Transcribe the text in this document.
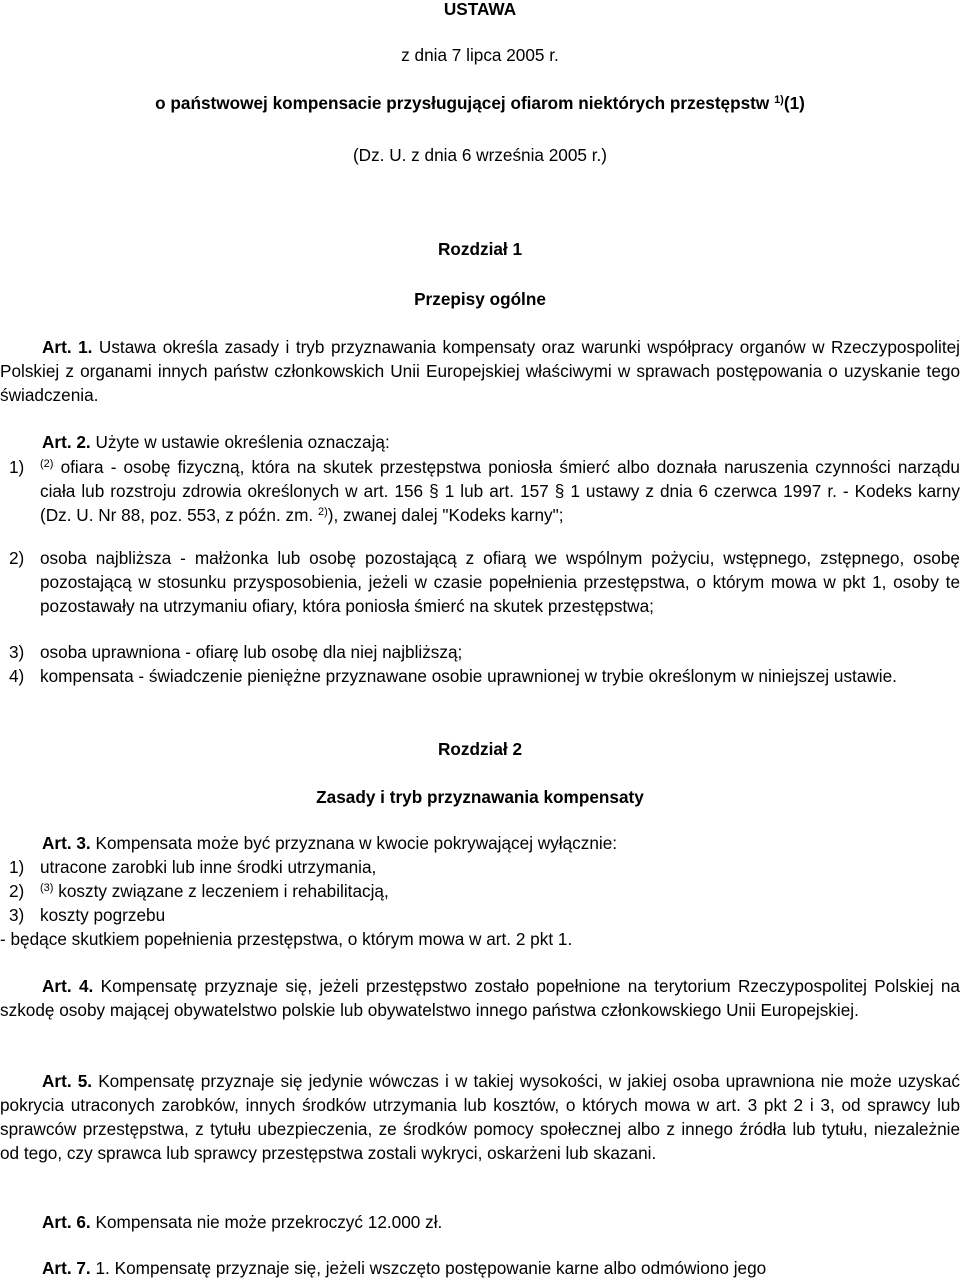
USTAWA
z dnia 7 lipca 2005 r.
o państwowej kompensacie przysługującej ofiarom niektórych przestępstw $^{1)}$(1)
(Dz. U. z dnia 6 września 2005 r.)
Rozdział 1
Przepisy ogólne
Art. 1. Ustawa określa zasady i tryb przyznawania kompensaty oraz warunki współpracy organów w Rzeczypospolitej Polskiej z organami innych państw członkowskich Unii Europejskiej właściwymi w sprawach postępowania o uzyskanie tego świadczenia.
Art. 2. Użyte w ustawie określenia oznaczają:
1) $^{(2)}$ ofiara - osobę fizyczną, która na skutek przestępstwa poniosła śmierć albo doznała naruszenia czynności narządu ciała lub rozstroju zdrowia określonych w art. 156 § 1 lub art. 157 § 1 ustawy z dnia 6 czerwca 1997 r. - Kodeks karny (Dz. U. Nr 88, poz. 553, z późn. zm. $^{2)}$), zwanej dalej "Kodeks karny";
2) osoba najbliższa - małżonka lub osobę pozostającą z ofiarą we wspólnym pożyciu, wstępnego, zstępnego, osobę pozostającą w stosunku przysposobienia, jeżeli w czasie popełnienia przestępstwa, o którym mowa w pkt 1, osoby te pozostawały na utrzymaniu ofiary, która poniosła śmierć na skutek przestępstwa;
3) osoba uprawniona - ofiarę lub osobę dla niej najbliższą;
4) kompensata - świadczenie pieniężne przyznawane osobie uprawnionej w trybie określonym w niniejszej ustawie.
Rozdział 2
Zasady i tryb przyznawania kompensaty
Art. 3. Kompensata może być przyznana w kwocie pokrywającej wyłącznie:
1) utracone zarobki lub inne środki utrzymania,
2) $^{(3)}$ koszty związane z leczeniem i rehabilitacją,
3) koszty pogrzebu
- będące skutkiem popełnienia przestępstwa, o którym mowa w art. 2 pkt 1.
Art. 4. Kompensatę przyznaje się, jeżeli przestępstwo zostało popełnione na terytorium Rzeczypospolitej Polskiej na szkodę osoby mającej obywatelstwo polskie lub obywatelstwo innego państwa członkowskiego Unii Europejskiej.
Art. 5. Kompensatę przyznaje się jedynie wówczas i w takiej wysokości, w jakiej osoba uprawniona nie może uzyskać pokrycia utraconych zarobków, innych środków utrzymania lub kosztów, o których mowa w art. 3 pkt 2 i 3, od sprawcy lub sprawców przestępstwa, z tytułu ubezpieczenia, ze środków pomocy społecznej albo z innego źródła lub tytułu, niezależnie od tego, czy sprawca lub sprawcy przestępstwa zostali wykryci, oskarżeni lub skazani.
Art. 6. Kompensata nie może przekroczyć 12.000 zł.
Art. 7. 1. Kompensatę przyznaje się, jeżeli wszczęto postępowanie karne albo odmówiono jego
